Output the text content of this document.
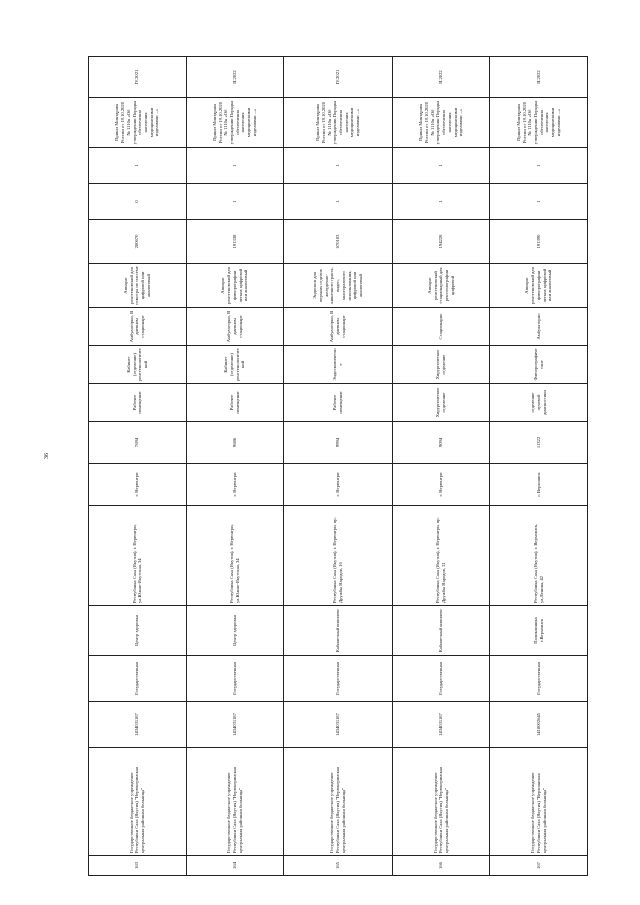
36
163	Государственное бюджетное учреждение Республики Саха (Якутия) "Нерюнгринская центральная районная больница"	1434031187	Государственная	Центр здоровья	Республика Саха (Якутия), г. Нерюнгри, ул.Южно-Якутская, 34	г. Нерюнгри	7694	Рабочее помещение	Кабинет (отделение) рентгенологический	Амбулаторно, В дневном стационаре	Аппарат рентгеновский для осмотра по системе цифровой или аналоговый	200670	0	1	Приказ Минздрава России от 19.10.2020 № 1110н «Об утверждении Порядка обеспечения населения медицинскими изделиями ...»	IV.2021
164	Государственное бюджетное учреждение Республики Саха (Якутия) "Нерюнгринская центральная районная больница"	1434031187	Государственная	Центр здоровья	Республика Саха (Якутия), г. Нерюнгри, ул.Южно-Якутская, 34	г. Нерюнгри	9686	Рабочее помещение	Кабинет (отделение) рентгенологический	Амбулаторно, В дневном стационаре	Аппарат рентгеновский для флюорографии легких цифровой или аналоговый	191338	1	1	Приказ Минздрава России от 19.10.2020 № 1110н «Об утверждении Порядка обеспечения населения медицинскими изделиями ...»	II.2022
165	Государственное бюджетное учреждение Республики Саха (Якутия) "Нерюнгринская центральная районная больница"	1434031187	Государственная	Кабинетный комплекс	Республика Саха (Якутия), г. Нерюнгри, пр. Дружбы Народов, 16	г. Нерюнгри	9994	Рабочее помещение	Эндоскопическое	Амбулаторно, В дневном стационаре	Эндоскоп для верхних отделов желудочно-кишечного тракта, видео, многоразового использования, цифровой или аналоговый	670183	1	1	Приказ Минздрава России от 19.10.2020 № 1110н «Об утверждении Порядка обеспечения населения медицинскими изделиями ...»	IV.2021
166	Государственное бюджетное учреждение Республики Саха (Якутия) "Нерюнгринская центральная районная больница"	1434031187	Государственная	Кабинетный комплекс	Республика Саха (Якутия), г. Нерюнгри, пр. Дружбы Народов, 21	г. Нерюнгри	9094	Хирургическое отделение	Хирургическое отделение	Стационарно	Аппарат рентгеновский стационарный для рентгенографии цифровой	194228	1	1	Приказ Минздрава России от 19.10.2020 № 1110н «Об утверждении Порядка обеспечения населения медицинскими изделиями ...»	II.2022
167	Государственное бюджетное учреждение Республики Саха (Якутия) "Верхоянская центральная районная больница"	1418002645	Государственная	Поликлиника г.Верхоянск	Республика Саха (Якутия), г. Верхоянск, ул.Ленина, 42	г. Верхоянск	11322	отделение лучевой диагностики	Флюорографическое	Амбулаторно	Аппарат рентгеновский для флюорографии легких цифровой или аналоговый	191390	1	1	Приказ Минздрава России от 19.10.2020 № 1110н «Об утверждении Порядка обеспечения населения медицинскими изделиями ...»	II.2022
